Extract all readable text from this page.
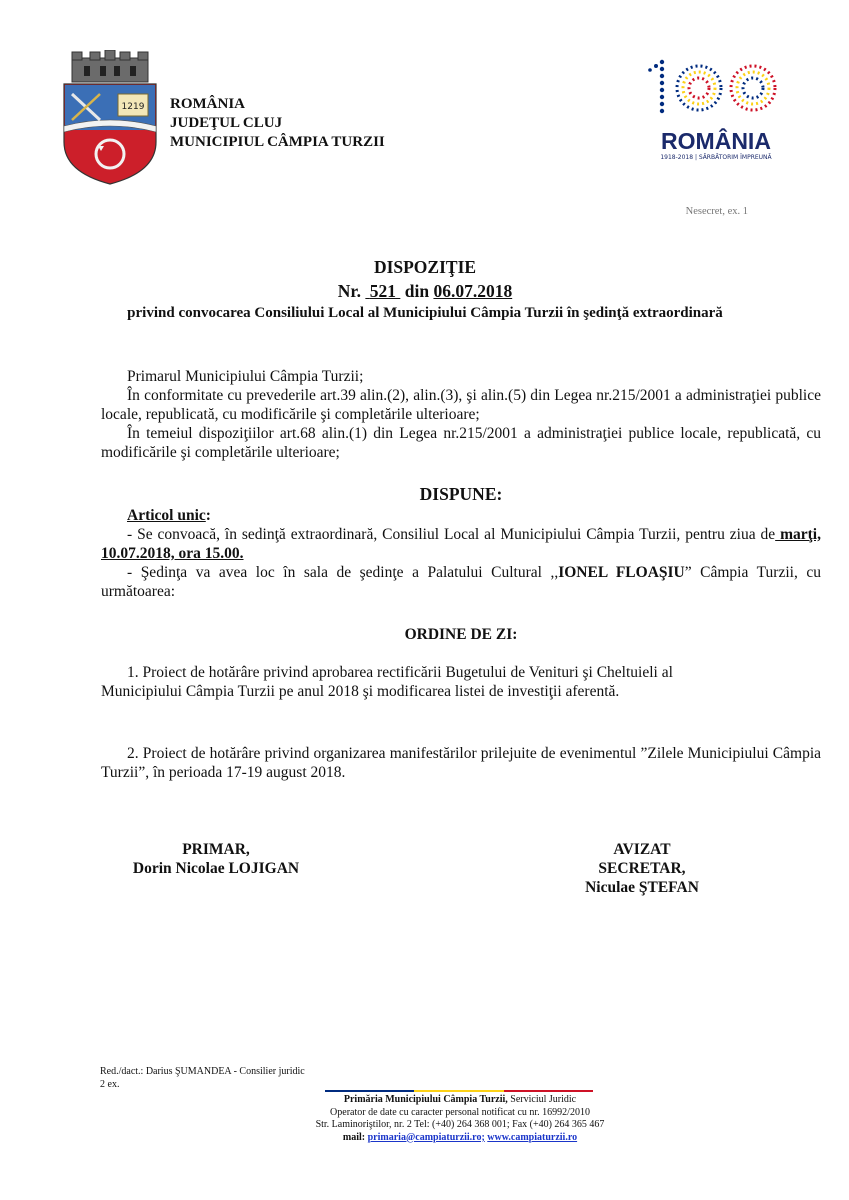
1219 ROMÂNIA
JUDEŢUL CLUJ
MUNICIPIUL CÂMPIA TURZII	ROMÂNIA
1918-2018 | SĂRBĂTORIM ÎMPREUNĂ
Nesecret, ex. 1
DISPOZIŢIE
Nr. 521 din 06.07.2018
privind convocarea Consiliului Local al Municipiului Câmpia Turzii în şedinţă extraordinară
Primarul Municipiului Câmpia Turzii;
În conformitate cu prevederile art.39 alin.(2), alin.(3), şi alin.(5) din Legea nr.215/2001 a administraţiei publice locale, republicată, cu modificările şi completările ulterioare;
În temeiul dispoziţiilor art.68 alin.(1) din Legea nr.215/2001 a administraţiei publice locale, republicată, cu modificările şi completările ulterioare;
DISPUNE:
Articol unic:
- Se convoacă, în sedinţă extraordinară, Consiliul Local al Municipiului Câmpia Turzii, pentru ziua de marţi, 10.07.2018, ora 15.00.
- Şedinţa va avea loc în sala de şedinţe a Palatului Cultural ,,IONEL FLOAŞIU” Câmpia Turzii, cu următoarea:
ORDINE DE ZI:
1. Proiect de hotărâre privind aprobarea rectificării Bugetului de Venituri şi Cheltuieli al Municipiului Câmpia Turzii pe anul 2018 şi modificarea listei de investiţii aferentă.
2. Proiect de hotărâre privind organizarea manifestărilor prilejuite de evenimentul ”Zilele Municipiului Câmpia Turzii”, în perioada 17-19 august 2018.
PRIMAR,
Dorin Nicolae LOJIGAN
AVIZAT
SECRETAR,
Niculae ŞTEFAN
Red./dact.: Darius ŞUMANDEA - Consilier juridic
2 ex.
Primăria Municipiului Câmpia Turzii, Serviciul Juridic
Operator de date cu caracter personal notificat cu nr. 16992/2010
Str. Laminoriştilor, nr. 2 Tel: (+40) 264 368 001; Fax (+40) 264 365 467
mail: primaria@campiaturzii.ro; www.campiaturzii.ro
